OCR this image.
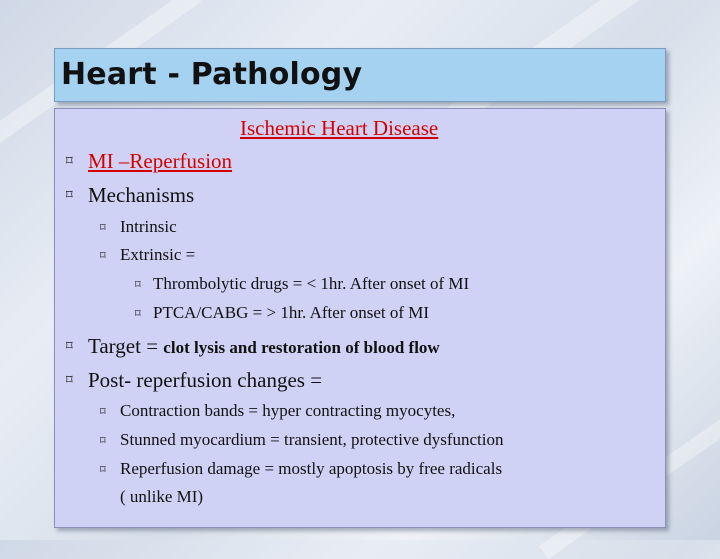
Heart - Pathology
Ischemic Heart Disease
⌑ MI –Reperfusion
⌑ Mechanisms
⌑ Intrinsic
⌑ Extrinsic =
⌑ Thrombolytic drugs = < 1hr. After onset of MI
⌑ PTCA/CABG = > 1hr. After onset of MI
⌑ Target = clot lysis and restoration of blood flow
⌑ Post- reperfusion changes =
⌑ Contraction bands = hyper contracting myocytes,
⌑ Stunned myocardium = transient, protective dysfunction
⌑ Reperfusion damage = mostly apoptosis by free radicals
( unlike MI)
